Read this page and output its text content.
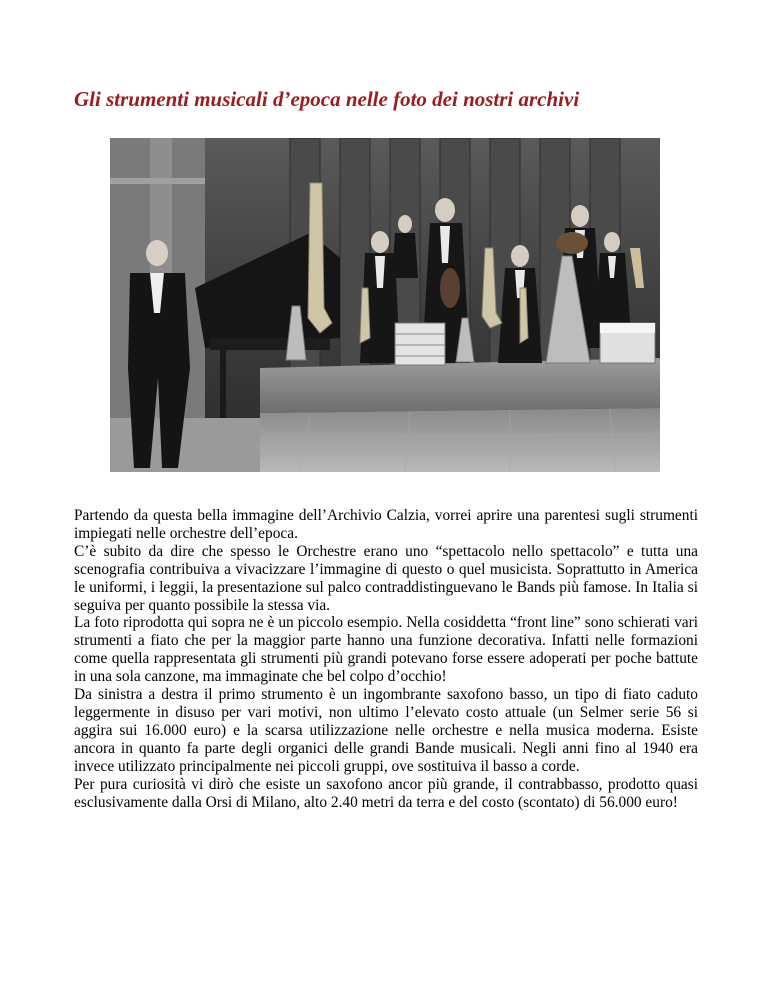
Gli strumenti musicali d’epoca nelle foto dei nostri archivi

Partendo da questa bella immagine dell’Archivio Calzia, vorrei aprire una parentesi sugli strumenti impiegati nelle orchestre dell’epoca.

C’è subito da dire che spesso le Orchestre erano uno “spettacolo nello spettacolo” e tutta una scenografia contribuiva a vivacizzare l’immagine di questo o quel musicista. Soprattutto in America le uniformi, i leggii, la presentazione sul palco contraddistinguevano le Bands più famose. In Italia si seguiva per quanto possibile la stessa via.

La foto riprodotta qui sopra ne è un piccolo esempio. Nella cosiddetta “front line” sono schierati vari strumenti a fiato che per la maggior parte hanno una funzione decorativa. Infatti nelle formazioni come quella rappresentata gli strumenti più grandi potevano forse essere adoperati per poche battute in una sola canzone, ma immaginate che bel colpo d’occhio!

Da sinistra a destra il primo strumento è un ingombrante saxofono basso, un tipo di fiato caduto leggermente in disuso per vari motivi, non ultimo l’elevato costo attuale (un Selmer serie 56 si aggira sui 16.000 euro) e la scarsa utilizzazione nelle orchestre e nella musica moderna. Esiste ancora in quanto fa parte degli organici delle grandi Bande musicali. Negli anni fino al 1940 era invece utilizzato principalmente nei piccoli gruppi, ove sostituiva il basso a corde.

Per pura curiosità vi dirò che esiste un saxofono ancor più grande, il contrabbasso, prodotto quasi esclusivamente dalla Orsi di Milano, alto 2.40 metri da terra e del costo (scontato) di 56.000 euro!
